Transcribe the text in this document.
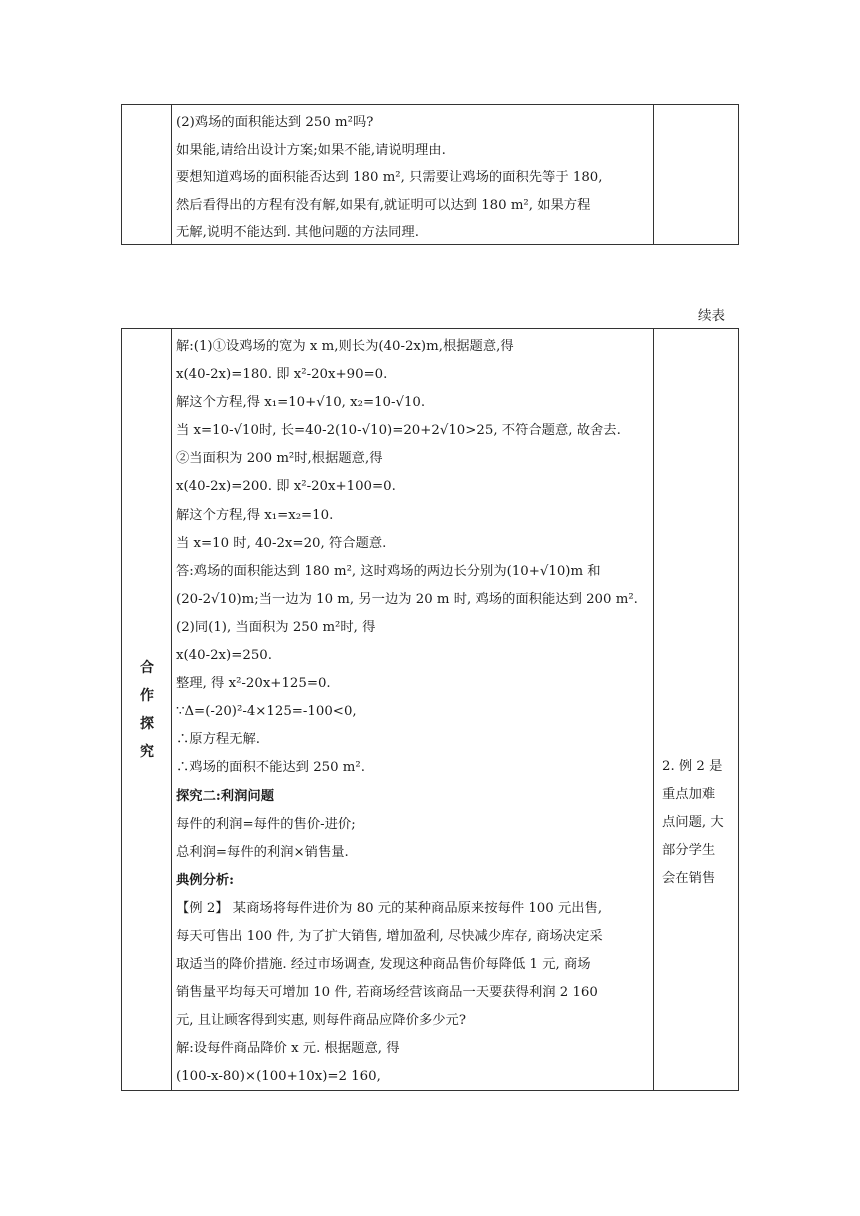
(2)鸡场的面积能达到 250 m²吗?
如果能,请给出设计方案;如果不能,请说明理由.
要想知道鸡场的面积能否达到 180 m², 只需要让鸡场的面积先等于 180,
然后看得出的方程有没有解,如果有,就证明可以达到 180 m², 如果方程
无解,说明不能达到. 其他问题的方法同理.
续表
合
作
探
究
解:(1)①设鸡场的宽为 x m,则长为(40-2x)m,根据题意,得
x(40-2x)=180. 即 x²-20x+90=0.
解这个方程,得 x₁=10+√10, x₂=10-√10.
当 x=10-√10时, 长=40-2(10-√10)=20+2√10>25, 不符合题意, 故舍去.
②当面积为 200 m²时,根据题意,得
x(40-2x)=200. 即 x²-20x+100=0.
解这个方程,得 x₁=x₂=10.
当 x=10 时, 40-2x=20, 符合题意.
答:鸡场的面积能达到 180 m², 这时鸡场的两边长分别为(10+√10)m 和
(20-2√10)m;当一边为 10 m, 另一边为 20 m 时, 鸡场的面积能达到 200 m².
(2)同(1), 当面积为 250 m²时, 得
x(40-2x)=250.
整理, 得 x²-20x+125=0.
∵Δ=(-20)²-4×125=-100<0,
∴原方程无解.
∴鸡场的面积不能达到 250 m².
探究二:利润问题
每件的利润=每件的售价-进价;
总利润=每件的利润×销售量.
典例分析:
【例 2】 某商场将每件进价为 80 元的某种商品原来按每件 100 元出售,
每天可售出 100 件, 为了扩大销售, 增加盈利, 尽快减少库存, 商场决定采
取适当的降价措施. 经过市场调查, 发现这种商品售价每降低 1 元, 商场
销售量平均每天可增加 10 件, 若商场经营该商品一天要获得利润 2 160
元, 且让顾客得到实惠, 则每件商品应降价多少元?
解:设每件商品降价 x 元. 根据题意, 得
(100-x-80)×(100+10x)=2 160,
2. 例 2 是
重点加难
点问题, 大
部分学生
会在销售
